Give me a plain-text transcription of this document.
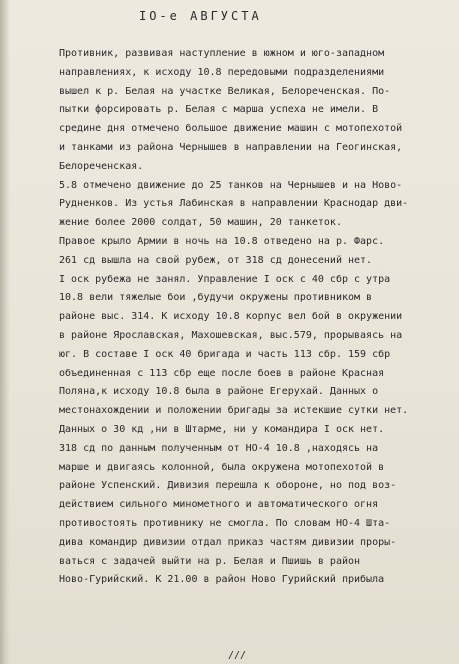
IO-е АВГУСТА
Противник, развивая наступление в южном и юго-западном
направлениях, к исходу 10.8 передовыми подразделениями
вышел к р. Белая на участке Великая, Белореченская. По-
пытки форсировать р. Белая с марша успеха не имели. В
средине дня отмечено большое движение машин с мотопехотой
и танками из района Чернышев в направлении на Геогинская,
Белореченская.
5.8 отмечено движение до 25 танков на Чернышев и на Ново-
Рудненков. Из устья Лабинская в направлении Краснодар дви-
жение более 2000 солдат, 50 машин, 20 танкеток.
Правое крыло Армии в ночь на 10.8 отведено на р. Фарс.
261 сд вышла на свой рубеж, от 318 сд донесений нет.
I оск рубежа не занял. Управление I оск с 40 сбр с утра
10.8 вели тяжелые бои ,будучи окружены противником в
районе выс. 314. К исходу 10.8 корпус вел бой в окружении
в районе Ярославская, Махошевская, выс.579, прорываясь на
юг. В составе I оск 40 бригада и часть 113 сбр. 159 сбр
объединенная с 113 сбр еще после боев в районе Красная
Поляна,к исходу 10.8 была в районе Егерухай. Данных о
местонахождении и положении бригады за истекшие сутки нет.
Данных о 30 кд ,ни в Штарме, ни у командира I оск нет.
318 сд по данным полученным от НО-4 10.8 ,находясь на
марше и двигаясь колонной, была окружена мотопехотой в
районе Успенский. Дивизия перешла к обороне, но под воз-
действием сильного минометного и автоматического огня
противостоять противнику не смогла. По словам НО-4 Шта-
дива командир дивизии отдал приказ частям дивизии проры-
ваться с задачей выйти на р. Белая и Пшишь в район
Ново-Гурийский. К 21.00 в район Ново Гурийский прибыла
///
